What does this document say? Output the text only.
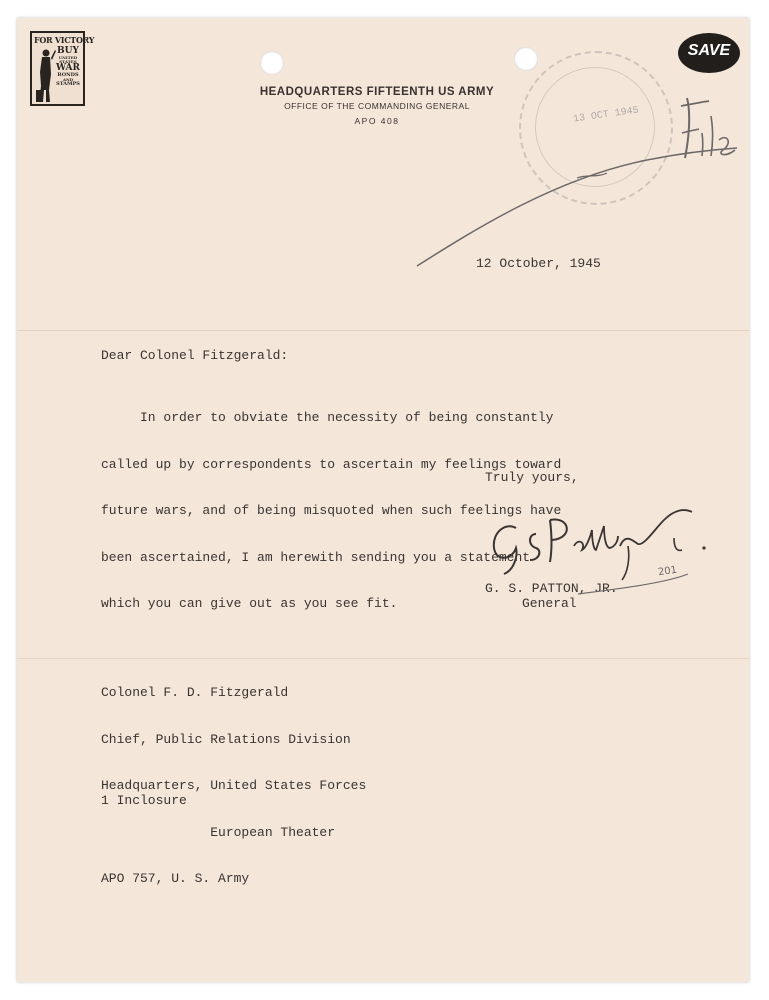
FOR VICTORY
BUY
UNITED
STATES
WAR
BONDS
AND
STAMPS
HEADQUARTERS FIFTEENTH US ARMY
OFFICE OF THE COMMANDING GENERAL
APO 408	13 OCT 1945
SAVE
12 October, 1945
Dear Colonel Fitzgerald:

In order to obviate the necessity of being constantly

called up by correspondents to ascertain my feelings toward

future wars, and of being misquoted when such feelings have

been ascertained, I am herewith sending you a statement

which you can give out as you see fit.

Truly yours,
G. S. PATTON, JR.
General

Colonel F. D. Fitzgerald

Chief, Public Relations Division

Headquarters, United States Forces

European Theater

APO 757, U. S. Army

1 Inclosure
201
